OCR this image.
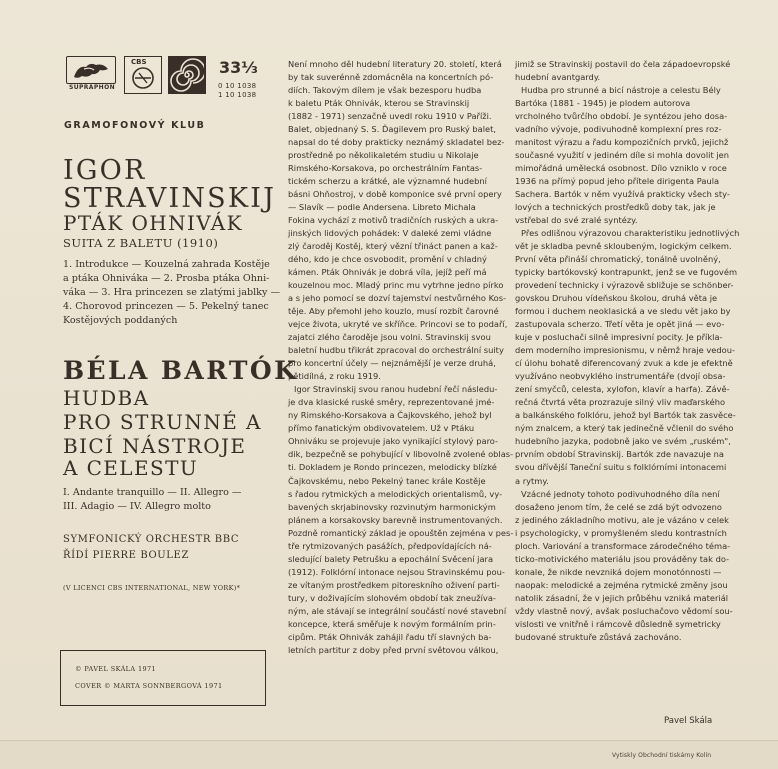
SUPRAPHON
CBS	33⅓
0 10 1038
1 10 1038
GRAMOFONOVÝ KLUB
IGOR
STRAVINSKIJ
PTÁK OHNIVÁK
SUITA Z BALETU (1910)
1. Introdukce — Kouzelná zahrada Kostěje
a ptáka Ohniváka — 2. Prosba ptáka Ohni-
váka — 3. Hra princezen se zlatými jablky —
4. Chorovod princezen — 5. Pekelný tanec
Kostějových poddaných
BÉLA BARTÓK
HUDBA
PRO STRUNNÉ A
BICÍ NÁSTROJE
A CELESTU
I. Andante tranquillo — II. Allegro —
III. Adagio — IV. Allegro molto
SYMFONICKÝ ORCHESTR BBC
ŘÍDÍ PIERRE BOULEZ
(V LICENCI CBS INTERNATIONAL, NEW YORK)*
© PAVEL SKÁLA 1971
COVER © MARTA SONNBERGOVÁ 1971
Není mnoho děl hudební literatury 20. století, která
by tak suverénně zdomácněla na koncertních pó-
diích. Takovým dílem je však bezesporu hudba
k baletu Pták Ohnivák, kterou se Stravinskij
(1882 - 1971) senzačně uvedl roku 1910 v Paříži.
Balet, objednaný S. S. Ďagilevem pro Ruský balet,
napsal do té doby prakticky neznámý skladatel bez-
prostředně po několikaletém studiu u Nikolaje
Rimského-Korsakova, po orchestrálním Fantas-
tickém scherzu a krátké, ale významné hudební
básni Ohňostroj, v době komponice své první opery
— Slavík — podle Andersena. Libreto Michala
Fokina vychází z motivů tradičních ruských a ukra-
jinských lidových pohádek: V daleké zemi vládne
zlý čaroděj Kostěj, který vězní třináct panen a kaž-
dého, kdo je chce osvobodit, promění v chladný
kámen. Pták Ohnivák je dobrá víla, jejíž peří má
kouzelnou moc. Mladý princ mu vytrhne jedno pírko
a s jeho pomocí se dozví tajemství nestvůrného Kos-
těje. Aby přemohl jeho kouzlo, musí rozbít čarovné
vejce života, ukryté ve skříňce. Princovi se to podaří,
zajatci zlého čaroděje jsou volni. Stravinskij svou
baletní hudbu třikrát zpracoval do orchestrální suity
pro koncertní účely — nejznámější je verze druhá,
pětidílná, z roku 1919.
Igor Stravinskij svou ranou hudební řečí následu-
je dva klasické ruské směry, reprezentované jmé-
ny Rimského-Korsakova a Čajkovského, jehož byl
přímo fanatickým obdivovatelem. Už v Ptáku
Ohniváku se projevuje jako vynikající stylový paro-
dik, bezpečně se pohybující v libovolně zvolené oblas-
ti. Dokladem je Rondo princezen, melodicky blízké
Čajkovskému, nebo Pekelný tanec krále Kostěje
s řadou rytmických a melodických orientalismů, vy-
bavených skrjabinovsky rozvinutým harmonickým
plánem a korsakovsky barevně instrumentovaných.
Pozdně romantický základ je opouštěn zejména v pes-
tře rytmizovaných pasážích, předpovídajících ná-
sledující balety Petrušku a epochální Svěcení jara
(1912). Folklórní intonace nejsou Stravinskému pou-
ze vítaným prostředkem pitoreskního oživení parti-
tury, v doživajícím slohovém období tak zneužíva-
ným, ale stávají se integrální součástí nové stavební
koncepce, která směřuje k novým formálním prin-
cipům. Pták Ohnivák zahájil řadu tří slavných ba-
letních partitur z doby před první světovou válkou,
jimiž se Stravinskij postavil do čela západoevropské
hudební avantgardy.
Hudba pro strunné a bicí nástroje a celestu Bély
Bartóka (1881 - 1945) je plodem autorova
vrcholného tvůrčího období. Je syntézou jeho dosa-
vadního vývoje, podivuhodně komplexní pres roz-
manitost výrazu a řadu kompozičních prvků, jejichž
současné využití v jediném díle si mohla dovolit jen
mimořádná umělecká osobnost. Dílo vzniklo v roce
1936 na přímý popud jeho přítele dirigenta Paula
Sachera. Bartók v něm využívá prakticky všech sty-
lových a technických prostředků doby tak, jak je
vstřebal do své zralé syntézy.
Přes odlišnou výrazovou charakteristiku jednotlivých
vět je skladba pevně skloubeným, logickým celkem.
První věta přináší chromatický, tonálně uvolněný,
typicky bartókovský kontrapunkt, jenž se ve fugovém
provedení technicky i výrazově sbližuje se schönber-
govskou Druhou vídeňskou školou, druhá věta je
formou i duchem neoklasická a ve sledu vět jako by
zastupovala scherzo. Třetí věta je opět jiná — evo-
kuje v posluchači silně impresivní pocity. Je příkla-
dem moderního impresionismu, v němž hraje vedou-
cí úlohu bohatě diferencovaný zvuk a kde je efektně
využíváno neobvyklého instrumentáře (dvojí obsa-
zení smyčců, celesta, xylofon, klavír a harfa). Závě-
rečná čtvrtá věta prozrazuje silný vliv maďarského
a balkánského folklóru, jehož byl Bartók tak zasvěce-
ným znalcem, a který tak jedinečně včlenil do svého
hudebního jazyka, podobně jako ve svém „ruském",
prvním období Stravinskij. Bartók zde navazuje na
svou dřívější Taneční suitu s folklórními intonacemi
a rytmy.
Vzácné jednoty tohoto podivuhodného díla není
dosaženo jenom tím, že celé se zdá být odvozeno
z jediného základního motivu, ale je vázáno v celek
i psychologicky, v promyšleném sledu kontrastních
ploch. Variování a transformace zárodečného téma-
ticko-motivického materiálu jsou prováděny tak do-
konale, že nikde nevzniká dojem monotónnosti —
naopak: melodické a zejména rytmické změny jsou
natolik zásadní, že v jejich průběhu vzniká materiál
vždy vlastně nový, avšak posluchačovo vědomí sou-
vislosti ve vnitřně i rámcově důsledně symetricky
budované struktuře zůstává zachováno.
Pavel Skála
Vytiskly Obchodní tiskárny Kolín
